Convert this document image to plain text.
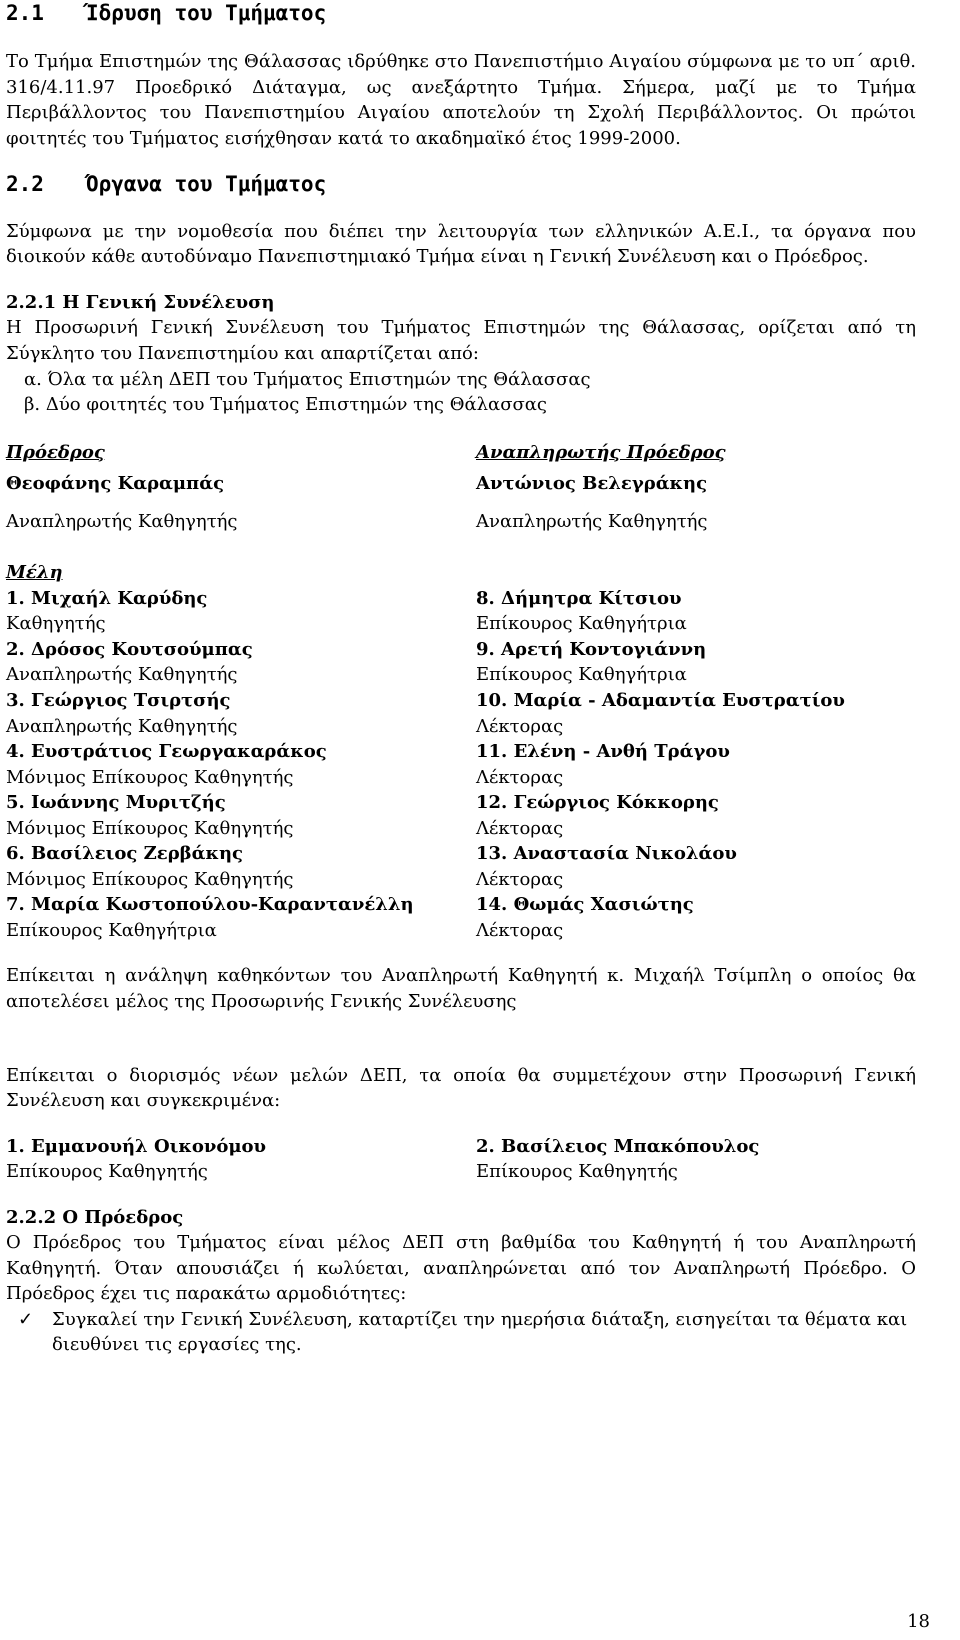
2.1 Ίδρυση του Τμήματος

Το Τμήμα Επιστημών της Θάλασσας ιδρύθηκε στο Πανεπιστήμιο Αιγαίου σύμφωνα με το υπ΄ αριθ. 316/4.11.97 Προεδρικό Διάταγμα, ως ανεξάρτητο Τμήμα. Σήμερα, μαζί με το Τμήμα Περιβάλλοντος του Πανεπιστημίου Αιγαίου αποτελούν τη Σχολή Περιβάλλοντος. Οι πρώτοι φοιτητές του Τμήματος εισήχθησαν κατά το ακαδημαϊκό έτος 1999-2000.

2.2 Όργανα του Τμήματος

Σύμφωνα με την νομοθεσία που διέπει την λειτουργία των ελληνικών Α.Ε.Ι., τα όργανα που διοικούν κάθε αυτοδύναμο Πανεπιστημιακό Τμήμα είναι η Γενική Συνέλευση και ο Πρόεδρος.

2.2.1 Η Γενική Συνέλευση

Η Προσωρινή Γενική Συνέλευση του Τμήματος Επιστημών της Θάλασσας, ορίζεται από τη Σύγκλητο του Πανεπιστημίου και απαρτίζεται από:

α. Όλα τα μέλη ΔΕΠ του Τμήματος Επιστημών της Θάλασσας

β. Δύο φοιτητές του Τμήματος Επιστημών της Θάλασσας

Πρόεδρος

Θεοφάνης Καραμπάς

Αναπληρωτής Καθηγητής

Αναπληρωτής Πρόεδρος

Αντώνιος Βελεγράκης

Αναπληρωτής Καθηγητής

Μέλη

1. Μιχαήλ Καρύδης

Καθηγητής

2. Δρόσος Κουτσούμπας

Αναπληρωτής Καθηγητής

3. Γεώργιος Τσιρτσής

Αναπληρωτής Καθηγητής

4. Ευστράτιος Γεωργακαράκος

Μόνιμος Επίκουρος Καθηγητής

5. Ιωάννης Μυριτζής

Μόνιμος Επίκουρος Καθηγητής

6. Βασίλειος Ζερβάκης

Μόνιμος Επίκουρος Καθηγητής

7. Μαρία Κωστοπούλου-Καραντανέλλη

Επίκουρος Καθηγήτρια

8. Δήμητρα Κίτσιου

Επίκουρος Καθηγήτρια

9. Αρετή Κοντογιάννη

Επίκουρος Καθηγήτρια

10. Μαρία - Αδαμαντία Ευστρατίου

Λέκτορας

11. Ελένη - Ανθή Τράγου

Λέκτορας

12. Γεώργιος Κόκκορης

Λέκτορας

13. Αναστασία Νικολάου

Λέκτορας

14. Θωμάς Χασιώτης

Λέκτορας

Επίκειται η ανάληψη καθηκόντων του Αναπληρωτή Καθηγητή κ. Μιχαήλ Τσίμπλη ο οποίος θα αποτελέσει μέλος της Προσωρινής Γενικής Συνέλευσης

Επίκειται ο διορισμός νέων μελών ΔΕΠ, τα οποία θα συμμετέχουν στην Προσωρινή Γενική Συνέλευση και συγκεκριμένα:

1. Εμμανουήλ Οικονόμου

Επίκουρος Καθηγητής

2. Βασίλειος Μπακόπουλος

Επίκουρος Καθηγητής

2.2.2 Ο Πρόεδρος

Ο Πρόεδρος του Τμήματος είναι μέλος ΔΕΠ στη βαθμίδα του Καθηγητή ή του Αναπληρωτή Καθηγητή. Όταν απουσιάζει ή κωλύεται, αναπληρώνεται από τον Αναπληρωτή Πρόεδρο. Ο Πρόεδρος έχει τις παρακάτω αρμοδιότητες:

✓	Συγκαλεί την Γενική Συνέλευση, καταρτίζει την ημερήσια διάταξη, εισηγείται τα θέματα και διευθύνει τις εργασίες της.
18
